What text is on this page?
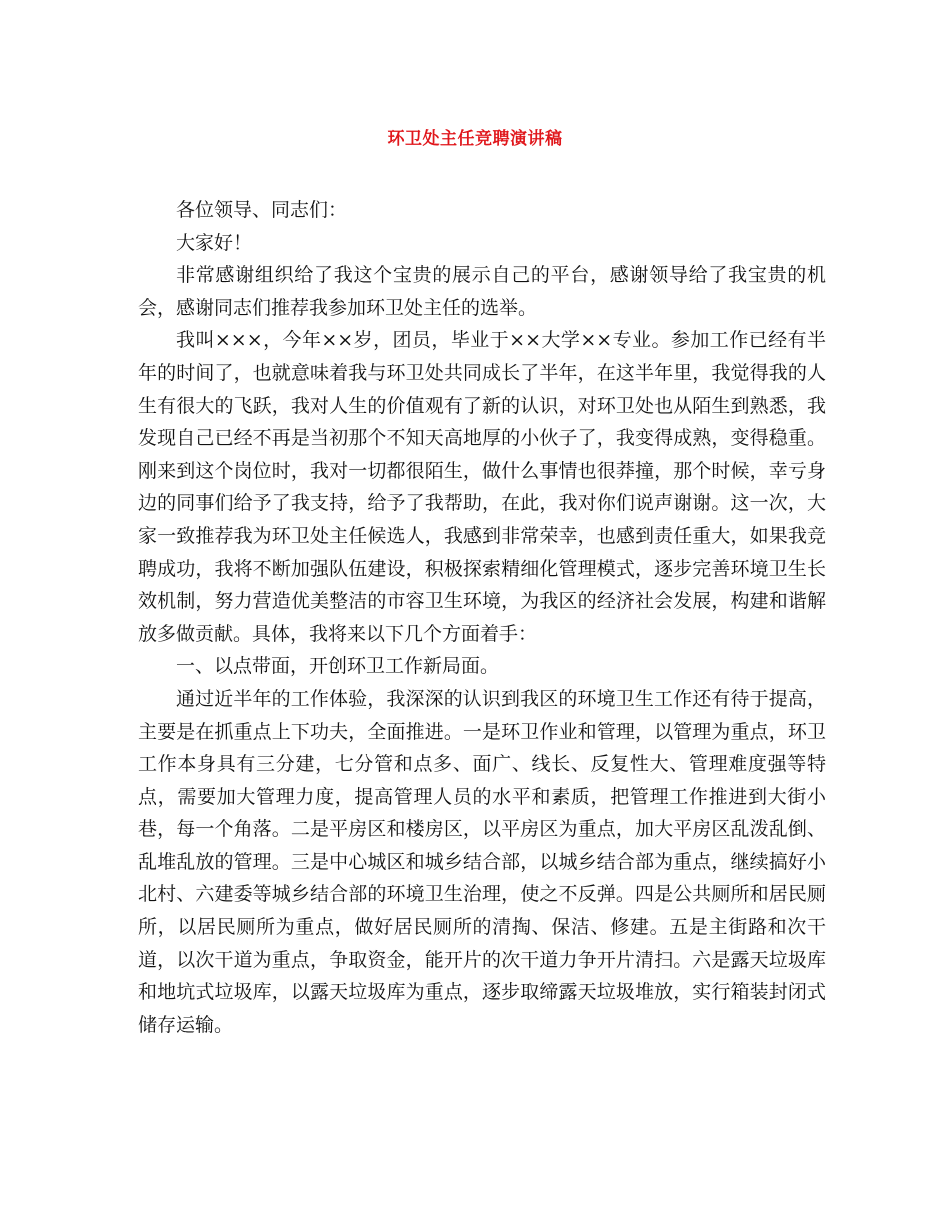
环卫处主任竞聘演讲稿

各位领导、同志们：

大家好！

非常感谢组织给了我这个宝贵的展示自己的平台，感谢领导给了我宝贵的机会，感谢同志们推荐我参加环卫处主任的选举。

我叫×××，今年××岁，团员，毕业于××大学××专业。参加工作已经有半年的时间了，也就意味着我与环卫处共同成长了半年，在这半年里，我觉得我的人生有很大的飞跃，我对人生的价值观有了新的认识，对环卫处也从陌生到熟悉，我发现自己已经不再是当初那个不知天高地厚的小伙子了，我变得成熟，变得稳重。刚来到这个岗位时，我对一切都很陌生，做什么事情也很莽撞，那个时候，幸亏身边的同事们给予了我支持，给予了我帮助，在此，我对你们说声谢谢。这一次，大家一致推荐我为环卫处主任候选人，我感到非常荣幸，也感到责任重大，如果我竞聘成功，我将不断加强队伍建设，积极探索精细化管理模式，逐步完善环境卫生长效机制，努力营造优美整洁的市容卫生环境，为我区的经济社会发展，构建和谐解放多做贡献。具体，我将来以下几个方面着手：

一、以点带面，开创环卫工作新局面。

通过近半年的工作体验，我深深的认识到我区的环境卫生工作还有待于提高，主要是在抓重点上下功夫，全面推进。一是环卫作业和管理，以管理为重点，环卫工作本身具有三分建，七分管和点多、面广、线长、反复性大、管理难度强等特点，需要加大管理力度，提高管理人员的水平和素质，把管理工作推进到大街小巷，每一个角落。二是平房区和楼房区，以平房区为重点，加大平房区乱泼乱倒、乱堆乱放的管理。三是中心城区和城乡结合部，以城乡结合部为重点，继续搞好小北村、六建委等城乡结合部的环境卫生治理，使之不反弹。四是公共厕所和居民厕所，以居民厕所为重点，做好居民厕所的清掏、保洁、修建。五是主街路和次干道，以次干道为重点，争取资金，能开片的次干道力争开片清扫。六是露天垃圾库和地坑式垃圾库，以露天垃圾库为重点，逐步取缔露天垃圾堆放，实行箱装封闭式储存运输。
